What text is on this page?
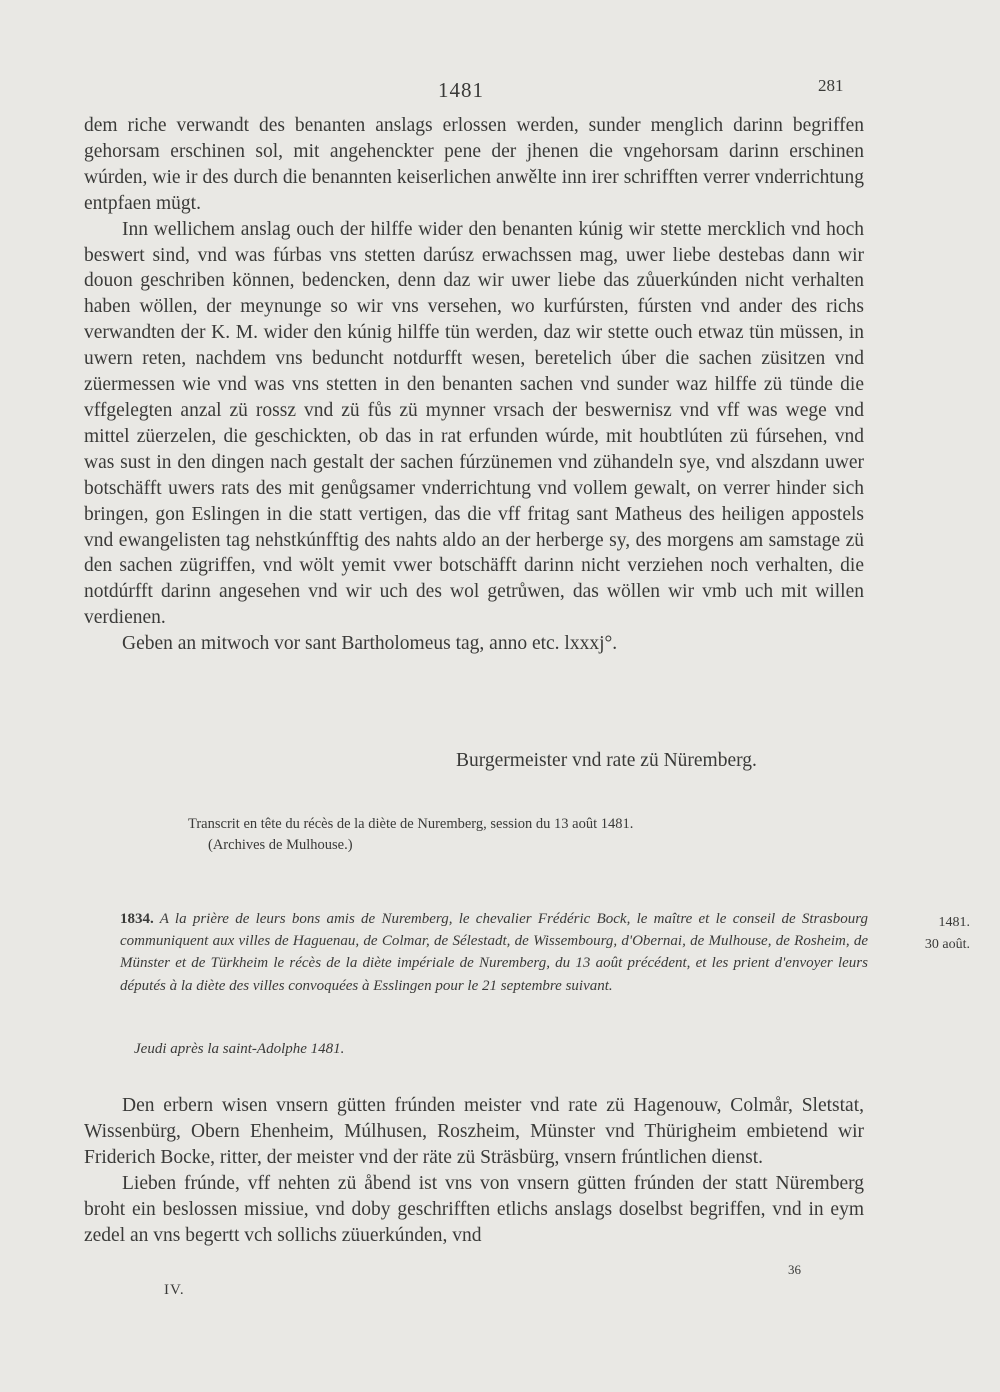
1481	281

dem riche verwandt des benanten anslags erlossen werden, sunder menglich darinn begriffen gehorsam erschinen sol, mit angehenckter pene der jhenen die vngehorsam darinn erschinen wúrden, wie ir des durch die benannten keiserlichen anwělte inn irer schrifften verrer vnderrichtung entpfaen mügt.

Inn wellichem anslag ouch der hilffe wider den benanten kúnig wir stette mercklich vnd hoch beswert sind, vnd was fúrbas vns stetten darúsz erwachssen mag, uwer liebe destebas dann wir douon geschriben können, bedencken, denn daz wir uwer liebe das zůuerkúnden nicht verhalten haben wöllen, der meynunge so wir vns versehen, wo kurfúrsten, fúrsten vnd ander des richs verwandten der K. M. wider den kúnig hilffe tün werden, daz wir stette ouch etwaz tün müssen, in uwern reten, nachdem vns beduncht notdurfft wesen, beretelich úber die sachen züsitzen vnd züermessen wie vnd was vns stetten in den benanten sachen vnd sunder waz hilffe zü tünde die vffgelegten anzal zü rossz vnd zü fůs zü mynner vrsach der beswernisz vnd vff was wege vnd mittel züerzelen, die geschickten, ob das in rat erfunden wúrde, mit houbtlúten zü fúrsehen, vnd was sust in den dingen nach gestalt der sachen fúrzünemen vnd zühandeln sye, vnd alszdann uwer botschäfft uwers rats des mit genůgsamer vnderrichtung vnd vollem gewalt, on verrer hinder sich bringen, gon Eslingen in die statt vertigen, das die vff fritag sant Matheus des heiligen appostels vnd ewangelisten tag nehstkúnfftig des nahts aldo an der herberge sy, des morgens am samstage zü den sachen zügriffen, vnd wölt yemit vwer botschäfft darinn nicht verziehen noch verhalten, die notdúrfft darinn angesehen vnd wir uch des wol getrůwen, das wöllen wir vmb uch mit willen verdienen.

Geben an mitwoch vor sant Bartholomeus tag, anno etc. lxxxj°.

Burgermeister vnd rate zü Nüremberg.
Transcrit en tête du récès de la diète de Nuremberg, session du 13 août 1481.
(Archives de Mulhouse.)
1834. A la prière de leurs bons amis de Nuremberg, le chevalier Frédéric Bock, le maître et le conseil de Strasbourg communiquent aux villes de Haguenau, de Colmar, de Sélestadt, de Wissembourg, d'Obernai, de Mulhouse, de Rosheim, de Münster et de Türkheim le récès de la diète impériale de Nuremberg, du 13 août précédent, et les prient d'envoyer leurs députés à la diète des villes convoquées à Esslingen pour le 21 septembre suivant.
Jeudi après la saint-Adolphe 1481.
1481.
30 août.

Den erbern wisen vnsern gütten frúnden meister vnd rate zü Hagenouw, Colmår, Sletstat, Wissenbürg, Obern Ehenheim, Múlhusen, Roszheim, Münster vnd Thürigheim embietend wir Friderich Bocke, ritter, der meister vnd der räte zü Sträsbürg, vnsern frúntlichen dienst.

Lieben frúnde, vff nehten zü åbend ist vns von vnsern gütten frúnden der statt Nüremberg broht ein beslossen missiue, vnd doby geschrifften etlichs anslags doselbst begriffen, vnd in eym zedel an vns begertt vch sollichs züuerkúnden, vnd

36
IV.
